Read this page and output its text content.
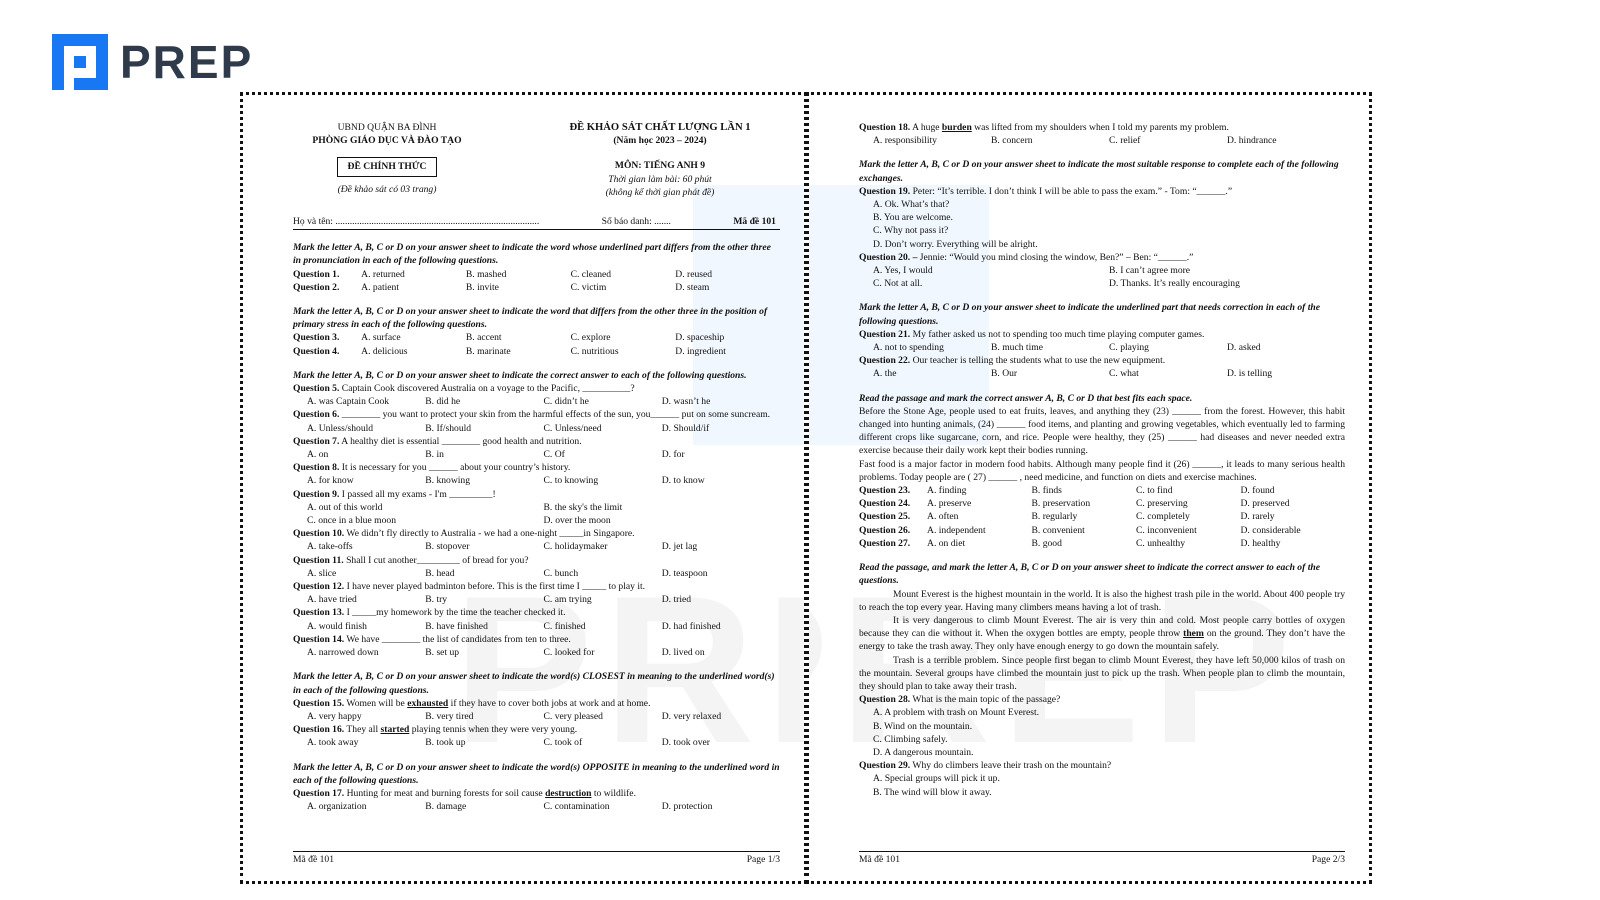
PREP
UBND QUẬN BA ĐÌNH
PHÒNG GIÁO DỤC VÀ ĐÀO TẠO
ĐỀ CHÍNH THỨC
(Đề khảo sát có 03 trang)
ĐỀ KHẢO SÁT CHẤT LƯỢNG LẦN 1
(Năm học 2023 – 2024)
MÔN: TIẾNG ANH 9
Thời gian làm bài: 60 phút
(không kể thời gian phát đề)
Họ và tên: .....................................................................................	Số báo danh: .......	Mã đề 101
Mark the letter A, B, C or D on your answer sheet to indicate the word whose underlined part differs from the other three in pronunciation in each of the following questions.
Question 1.	A. returned	B. mashed	C. cleaned	D. reused
Question 2.	A. patient	B. invite	C. victim	D. steam
Mark the letter A, B, C or D on your answer sheet to indicate the word that differs from the other three in the position of primary stress in each of the following questions.
Question 3.	A. surface	B. accent	C. explore	D. spaceship
Question 4.	A. delicious	B. marinate	C. nutritious	D. ingredient
Mark the letter A, B, C or D on your answer sheet to indicate the correct answer to each of the following questions.
Question 5. Captain Cook discovered Australia on a voyage to the Pacific, __________?
A. was Captain Cook	B. did he	C. didn’t he	D. wasn’t he
Question 6. ________ you want to protect your skin from the harmful effects of the sun, you______ put on some suncream.
A. Unless/should	B. If/should	C. Unless/need	D. Should/if
Question 7. A healthy diet is essential ________ good health and nutrition.
A. on	B. in	C. Of	D. for
Question 8. It is necessary for you ______ about your country’s history.
A. for know	B. knowing	C. to knowing	D. to know
Question 9. I passed all my exams - I'm _________!
A. out of this world	B. the sky's the limit
C. once in a blue moon	D. over the moon
Question 10. We didn’t fly directly to Australia - we had a one-night _____in Singapore.
A. take-offs	B. stopover	C. holidaymaker	D. jet lag
Question 11. Shall I cut another_________ of bread for you?
A. slice	B. head	C. bunch	D. teaspoon
Question 12. I have never played badminton before. This is the first time I _____ to play it.
A. have tried	B. try	C. am trying	D. tried
Question 13. I _____my homework by the time the teacher checked it.
A. would finish	B. have finished	C. finished	D. had finished
Question 14. We have ________ the list of candidates from ten to three.
A. narrowed down	B. set up	C. looked for	D. lived on
Mark the letter A, B, C or D on your answer sheet to indicate the word(s) CLOSEST in meaning to the underlined word(s) in each of the following questions.
Question 15. Women will be exhausted if they have to cover both jobs at work and at home.
A. very happy	B. very tired	C. very pleased	D. very relaxed
Question 16. They all started playing tennis when they were very young.
A. took away	B. took up	C. took of	D. took over
Mark the letter A, B, C or D on your answer sheet to indicate the word(s) OPPOSITE in meaning to the underlined word in each of the following questions.
Question 17. Hunting for meat and burning forests for soil cause destruction to wildlife.
A. organization	B. damage	C. contamination	D. protection
Mã đề 101	Page 1/3
Question 18. A huge burden was lifted from my shoulders when I told my parents my problem.
A. responsibility	B. concern	C. relief	D. hindrance
Mark the letter A, B, C or D on your answer sheet to indicate the most suitable response to complete each of the following exchanges.
Question 19. Peter: “It’s terrible. I don’t think I will be able to pass the exam.” - Tom: “______.”
A. Ok. What’s that?
B. You are welcome.
C. Why not pass it?
D. Don’t worry. Everything will be alright.
Question 20. – Jennie: “Would you mind closing the window, Ben?” – Ben: “______.”
A. Yes, I would	B. I can’t agree more
C. Not at all.	D. Thanks. It’s really encouraging
Mark the letter A, B, C or D on your answer sheet to indicate the underlined part that needs correction in each of the following questions.
Question 21. My father asked us not to spending too much time playing computer games.
A. not to spending	B. much time	C. playing	D. asked
Question 22. Our teacher is telling the students what to use the new equipment.
A. the	B. Our	C. what	D. is telling
Read the passage and mark the correct answer A, B, C or D that best fits each space.
Before the Stone Age, people used to eat fruits, leaves, and anything they (23) ______ from the forest. However, this habit changed into hunting animals, (24) ______ food items, and planting and growing vegetables, which eventually led to farming different crops like sugarcane, corn, and rice. People were healthy, they (25) ______ had diseases and never needed extra exercise because their daily work kept their bodies running.
Fast food is a major factor in modern food habits. Although many people find it (26) ______, it leads to many serious health problems. Today people are ( 27) ______ , need medicine, and function on diets and exercise machines.
Question 23.	A. finding	B. finds	C. to find	D. found
Question 24.	A. preserve	B. preservation	C. preserving	D. preserved
Question 25.	A. often	B. regularly	C. completely	D. rarely
Question 26.	A. independent	B. convenient	C. inconvenient	D. considerable
Question 27.	A. on diet	B. good	C. unhealthy	D. healthy
Read the passage, and mark the letter A, B, C or D on your answer sheet to indicate the correct answer to each of the questions.
Mount Everest is the highest mountain in the world. It is also the highest trash pile in the world. About 400 people try to reach the top every year. Having many climbers means having a lot of trash.
It is very dangerous to climb Mount Everest. The air is very thin and cold. Most people carry bottles of oxygen because they can die without it. When the oxygen bottles are empty, people throw them on the ground. They don’t have the energy to take the trash away. They only have enough energy to go down the mountain safely.
Trash is a terrible problem. Since people first began to climb Mount Everest, they have left 50,000 kilos of trash on the mountain. Several groups have climbed the mountain just to pick up the trash. When people plan to climb the mountain, they should plan to take away their trash.
Question 28. What is the main topic of the passage?
A. A problem with trash on Mount Everest.
B. Wind on the mountain.
C. Climbing safely.
D. A dangerous mountain.
Question 29. Why do climbers leave their trash on the mountain?
A. Special groups will pick it up.
B. The wind will blow it away.
Mã đề 101	Page 2/3
